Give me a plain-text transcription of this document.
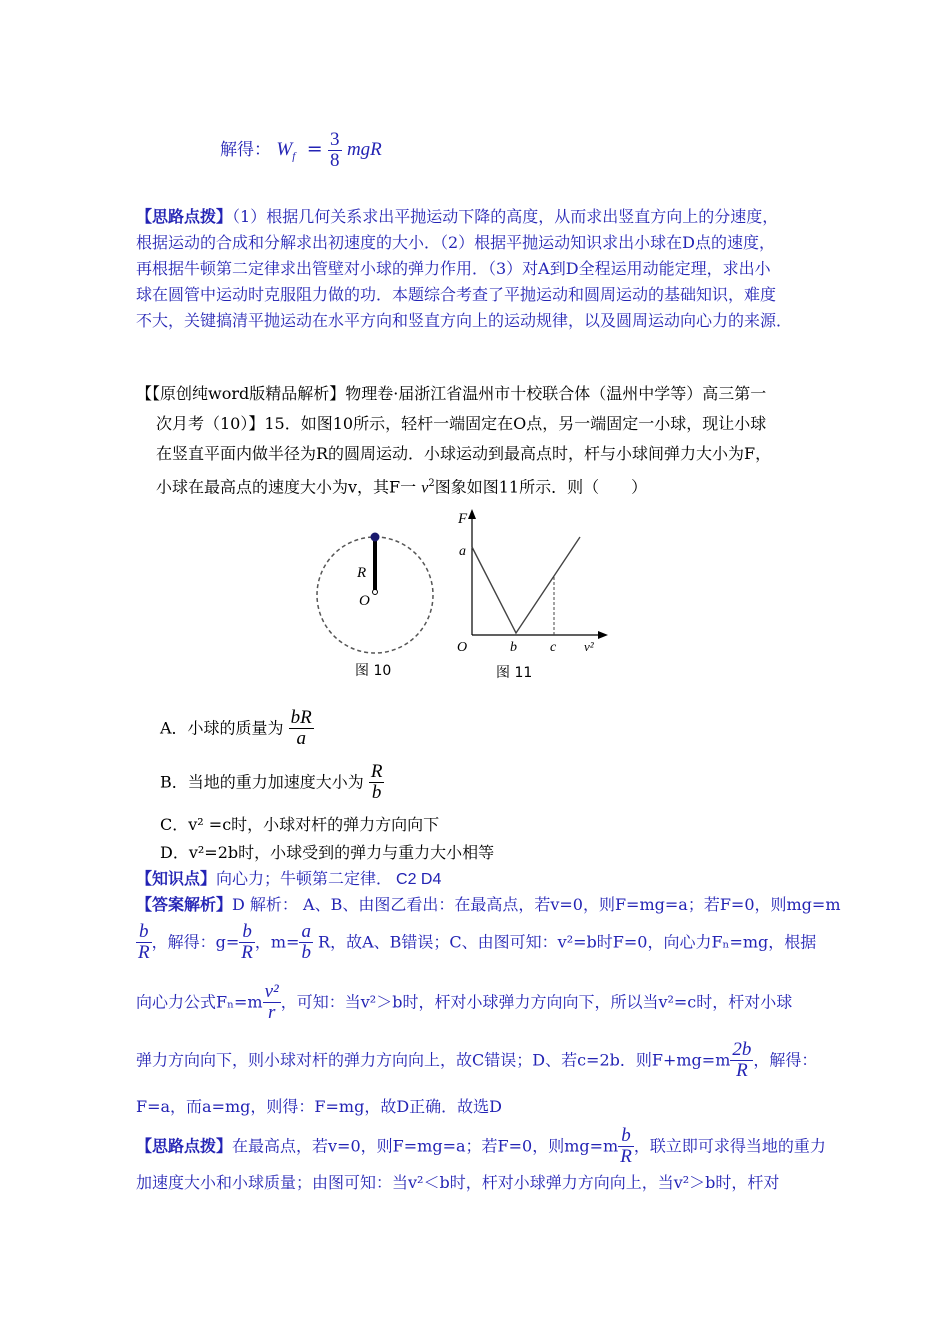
解得： $W_f = \frac{3}{8}$ mgR
【思路点拨】（1）根据几何关系求出平抛运动下降的高度，从而求出竖直方向上的分速度，
根据运动的合成和分解求出初速度的大小．（2）根据平抛运动知识求出小球在D点的速度，
再根据牛顿第二定律求出管壁对小球的弹力作用．（3）对A到D全程运用动能定理，求出小
球在圆管中运动时克服阻力做的功．本题综合考查了平抛运动和圆周运动的基础知识，难度
不大，关键搞清平抛运动在水平方向和竖直方向上的运动规律，以及圆周运动向心力的来源．
【【原创纯word版精品解析】物理卷·届浙江省温州市十校联合体（温州中学等）高三第一
次月考（10）】15．如图10所示，轻杆一端固定在O点，另一端固定一小球，现让小球
在竖直平面内做半径为R的圆周运动．小球运动到最高点时，杆与小球间弹力大小为F，
小球在最高点的速度大小为v，其F一 $v^2$图象如图11所示．则（　　）
R
O
图 10
F
a
O	b c v²
图 11
A．小球的质量为 $\frac{bR}{a}$
B．当地的重力加速度大小为 $\frac{R}{b}$
C．v² =c时，小球对杆的弹力方向向下
D．v²=2b时，小球受到的弹力与重力大小相等
【知识点】向心力；牛顿第二定律． C2 D4
【答案解析】D 解析： A、B、由图乙看出：在最高点，若v=0，则F=mg=a；若F=0，则mg=m
$\frac{b}{R}$ ，解得：$g= \frac{b}{R}$ ，$m= \frac{a}{b}$ R，故A、B错误；C、由图可知：v²=b时F=0，向心力Fₙ=mg，根据
向心力公式$F_n=m \frac{\text{v²}}{r}$ ，可知：当v²＞b时，杆对小球弹力方向向下，所以当v²=c时，杆对小球
弹力方向向下，则小球对杆的弹力方向向上，故C错误；D、若c=2b．则$F+mg=m \frac{2b}{R}$ ，解得：
F=a，而a=mg，则得：F=mg，故D正确．故选D
【思路点拨】在最高点，若v=0，则F=mg=a；若F=0，则$mg=m \frac{b}{R}$ ，联立即可求得当地的重力
加速度大小和小球质量；由图可知：当v²＜b时，杆对小球弹力方向向上，当v²＞b时，杆对
